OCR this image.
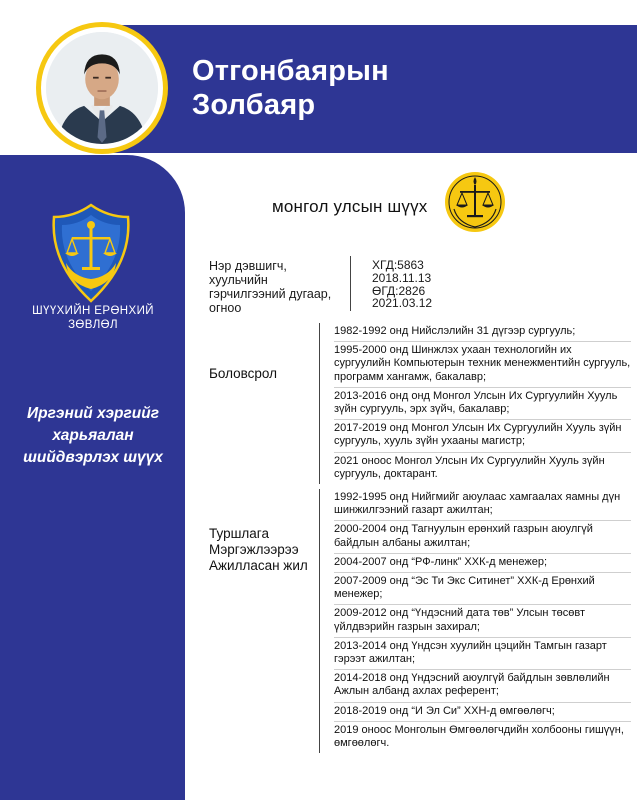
Отгонбаярын
Золбаяр
ШҮҮХИЙН ЕРӨНХИЙ
ЗӨВЛӨЛ
Иргэний хэргийг
харьяалан
шийдвэрлэх шүүх
монгол улсын шүүх
Нэр дэвшигч,
хуульчийн
гэрчилгээний дугаар,
огноо
ХГД:5863
2018.11.13
ӨГД:2826
2021.03.12
Боловсрол
1982-1992 онд Нийслэлийн 31 дүгээр сургууль;
1995-2000 онд Шинжлэх ухаан технологийн их сургуулийн Компьютерын техник менежментийн сургууль, программ хангамж, бакалавр;
2013-2016 онд онд Монгол Улсын Их Сургуулийн Хууль зүйн сургууль, эрх зүйч, бакалавр;
2017-2019 онд Монгол Улсын Их Сургуулийн Хууль зүйн сургууль, хууль зүйн ухааны магистр;
2021 оноос Монгол Улсын Их Сургуулийн Хууль зүйн сургууль, доктарант.
Туршлага
Мэргэжлээрээ
Ажилласан жил
1992-1995 онд Нийгмийг аюулаас хамгаалах яамны дүн шинжилгээний газарт ажилтан;
2000-2004 онд Тагнуулын ерөнхий газрын аюулгүй байдлын албаны ажилтан;
2004-2007 онд “РФ-линк” ХХК-д менежер;
2007-2009 онд “Эс Ти Экс Ситинет” ХХК-д Ерөнхий менежер;
2009-2012 онд “Үндэсний дата төв” Улсын төсөвт үйлдвэрийн газрын захирал;
2013-2014 онд Үндсэн хуулийн цэцийн Тамгын газарт гэрээт ажилтан;
2014-2018 онд Үндэсний аюулгүй байдлын зөвлөлийн Ажлын албанд ахлах референт;
2018-2019 онд “И Эл Си” ХХН-д өмгөөлөгч;
2019 оноос Монголын Өмгөөлөгчдийн холбооны гишүүн, өмгөөлөгч.
